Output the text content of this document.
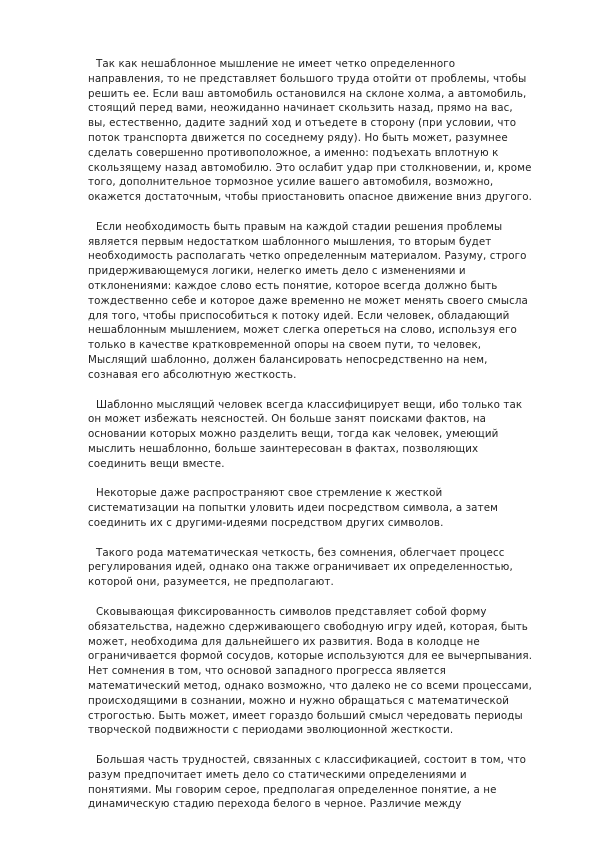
Так как нешаблонное мышление не имеет четко определенного
направления, то не представляет большого труда отойти от проблемы, чтобы
решить ее. Если ваш автомобиль остановился на склоне холма, а автомобиль,
стоящий перед вами, неожиданно начинает скользить назад, прямо на вас,
вы, естественно, дадите задний ход и отъедете в сторону (при условии, что
поток транспорта движется по соседнему ряду). Но быть может, разумнее
сделать совершенно противоположное, а именно: подъехать вплотную к
скользящему назад автомобилю. Это ослабит удар при столкновении, и, кроме
того, дополнительное тормозное усилие вашего автомобиля, возможно,
окажется достаточным, чтобы приостановить опасное движение вниз другого.

Если необходимость быть правым на каждой стадии решения проблемы
является первым недостатком шаблонного мышления, то вторым будет
необходимость располагать четко определенным материалом. Разуму, строго
придерживающемуся логики, нелегко иметь дело с изменениями и
отклонениями: каждое слово есть понятие, которое всегда должно быть
тождественно себе и которое даже временно не может менять своего смысла
для того, чтобы приспособиться к потоку идей. Если человек, обладающий
нешаблонным мышлением, может слегка опереться на слово, используя его
только в качестве кратковременной опоры на своем пути, то человек,
Мыслящий шаблонно, должен балансировать непосредственно на нем,
сознавая его абсолютную жесткость.

Шаблонно мыслящий человек всегда классифицирует вещи, ибо только так
он может избежать неясностей. Он больше занят поисками фактов, на
основании которых можно разделить вещи, тогда как человек, умеющий
мыслить нешаблонно, больше заинтересован в фактах, позволяющих
соединить вещи вместе.

Некоторые даже распространяют свое стремление к жесткой
систематизации на попытки уловить идеи посредством символа, а затем
соединить их с другими-идеями посредством других символов.

Такого рода математическая четкость, без сомнения, облегчает процесс
регулирования идей, однако она также ограничивает их определенностью,
которой они, разумеется, не предполагают.

Сковывающая фиксированность символов представляет собой форму
обязательства, надежно сдерживающего свободную игру идей, которая, быть
может, необходима для дальнейшего их развития. Вода в колодце не
ограничивается формой сосудов, которые используются для ее вычерпывания.
Нет сомнения в том, что основой западного прогресса является
математический метод, однако возможно, что далеко не со всеми процессами,
происходящими в сознании, можно и нужно обращаться с математической
строгостью. Быть может, имеет гораздо больший смысл чередовать периоды
творческой подвижности с периодами эволюционной жесткости.

Большая часть трудностей, связанных с классификацией, состоит в том, что
разум предпочитает иметь дело со статическими определениями и
понятиями. Мы говорим серое, предполагая определенное понятие, а не
динамическую стадию перехода белого в черное. Различие между
